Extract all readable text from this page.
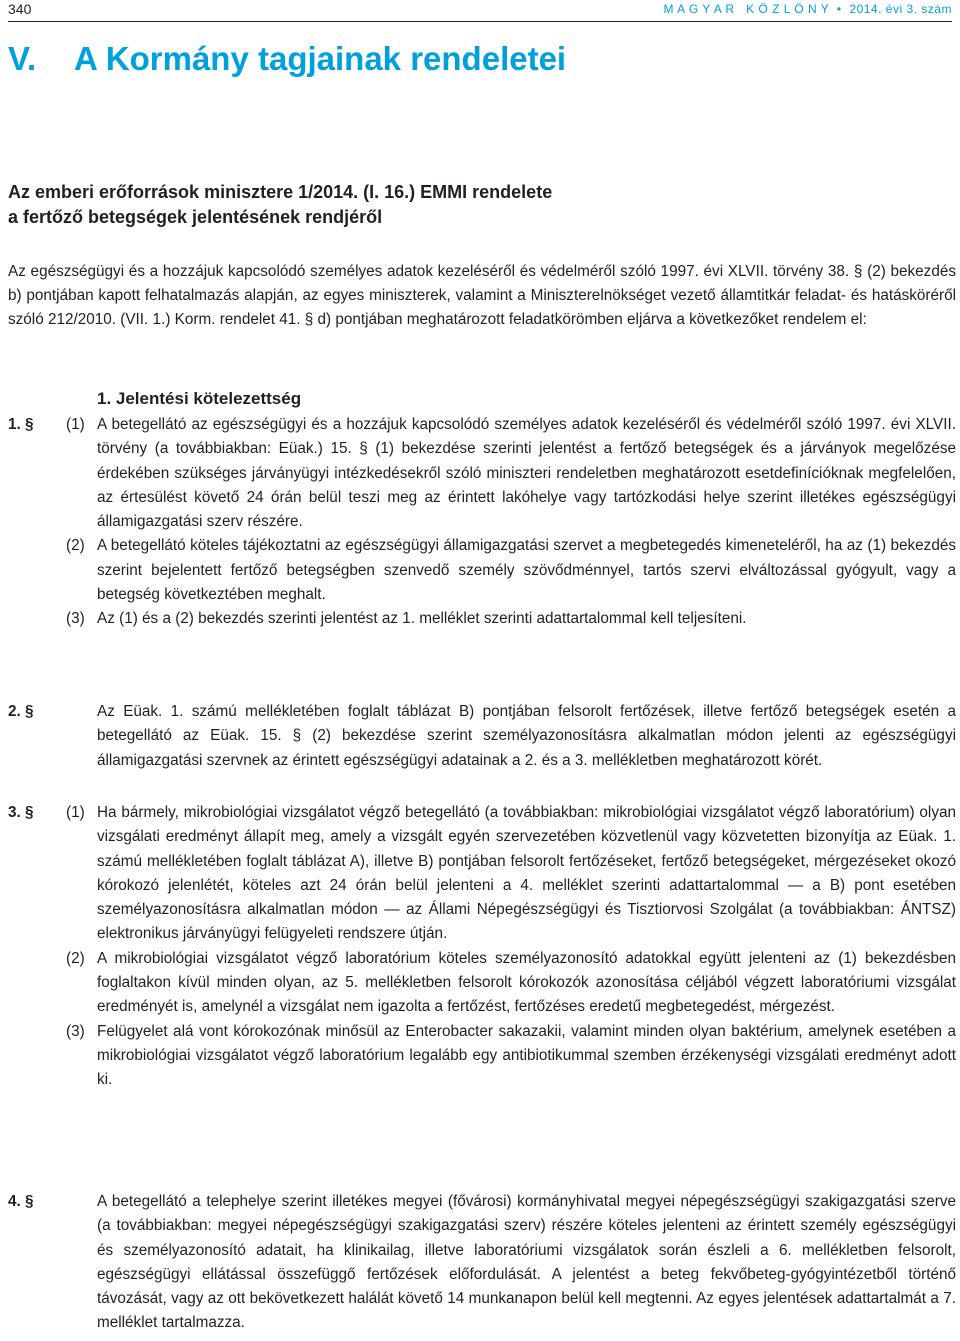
340	M A G Y A R   K Ö Z L Ö N Y • 2014. évi 3. szám
V. A Kormány tagjainak rendeletei
Az emberi erőforrások minisztere 1/2014. (I. 16.) EMMI rendelete
a fertőző betegségek jelentésének rendjéről
Az egészségügyi és a hozzájuk kapcsolódó személyes adatok kezeléséről és védelméről szóló 1997. évi XLVII. törvény 38. § (2) bekezdés b) pontjában kapott felhatalmazás alapján, az egyes miniszterek, valamint a Miniszterelnökséget vezető államtitkár feladat- és hatásköréről szóló 212/2010. (VII. 1.) Korm. rendelet 41. § d) pontjában meghatározott feladatkörömben eljárva a következőket rendelem el:
1. Jelentési kötelezettség
1. §	(1) A betegellátó az egészségügyi és a hozzájuk kapcsolódó személyes adatok kezeléséről és védelméről szóló 1997. évi XLVII. törvény (a továbbiakban: Eüak.) 15. § (1) bekezdése szerinti jelentést a fertőző betegségek és a járványok megelőzése érdekében szükséges járványügyi intézkedésekről szóló miniszteri rendeletben meghatározott esetdefinícióknak megfelelően, az értesülést követő 24 órán belül teszi meg az érintett lakóhelye vagy tartózkodási helye szerint illetékes egészségügyi államigazgatási szerv részére.
(2) A betegellátó köteles tájékoztatni az egészségügyi államigazgatási szervet a megbetegedés kimeneteléről, ha az (1) bekezdés szerint bejelentett fertőző betegségben szenvedő személy szövődménnyel, tartós szervi elváltozással gyógyult, vagy a betegség következtében meghalt.
(3) Az (1) és a (2) bekezdés szerinti jelentést az 1. melléklet szerinti adattartalommal kell teljesíteni.
2. §	Az Eüak. 1. számú mellékletében foglalt táblázat B) pontjában felsorolt fertőzések, illetve fertőző betegségek esetén a betegellátó az Eüak. 15. § (2) bekezdése szerint személyazonosításra alkalmatlan módon jelenti az egészségügyi államigazgatási szervnek az érintett egészségügyi adatainak a 2. és a 3. mellékletben meghatározott körét.
3. §	(1) Ha bármely, mikrobiológiai vizsgálatot végző betegellátó (a továbbiakban: mikrobiológiai vizsgálatot végző laboratórium) olyan vizsgálati eredményt állapít meg, amely a vizsgált egyén szervezetében közvetlenül vagy közvetetten bizonyítja az Eüak. 1. számú mellékletében foglalt táblázat A), illetve B) pontjában felsorolt fertőzéseket, fertőző betegségeket, mérgezéseket okozó kórokozó jelenlétét, köteles azt 24 órán belül jelenteni a 4. melléklet szerinti adattartalommal — a B) pont esetében személyazonosításra alkalmatlan módon — az Állami Népegészségügyi és Tisztiorvosi Szolgálat (a továbbiakban: ÁNTSZ) elektronikus járványügyi felügyeleti rendszere útján.
(2) A mikrobiológiai vizsgálatot végző laboratórium köteles személyazonosító adatokkal együtt jelenteni az (1) bekezdésben foglaltakon kívül minden olyan, az 5. mellékletben felsorolt kórokozók azonosítása céljából végzett laboratóriumi vizsgálat eredményét is, amelynél a vizsgálat nem igazolta a fertőzést, fertőzéses eredetű megbetegedést, mérgezést.
(3) Felügyelet alá vont kórokozónak minősül az Enterobacter sakazakii, valamint minden olyan baktérium, amelynek esetében a mikrobiológiai vizsgálatot végző laboratórium legalább egy antibiotikummal szemben érzékenységi vizsgálati eredményt adott ki.
4. §	A betegellátó a telephelye szerint illetékes megyei (fővárosi) kormányhivatal megyei népegészségügyi szakigazgatási szerve (a továbbiakban: megyei népegészségügyi szakigazgatási szerv) részére köteles jelenteni az érintett személy egészségügyi és személyazonosító adatait, ha klinikailag, illetve laboratóriumi vizsgálatok során észleli a 6. mellékletben felsorolt, egészségügyi ellátással összefüggő fertőzések előfordulását. A jelentést a beteg fekvőbeteg-gyógyintézetből történő távozását, vagy az ott bekövetkezett halálát követő 14 munkanapon belül kell megtenni. Az egyes jelentések adattartalmát a 7. melléklet tartalmazza.
